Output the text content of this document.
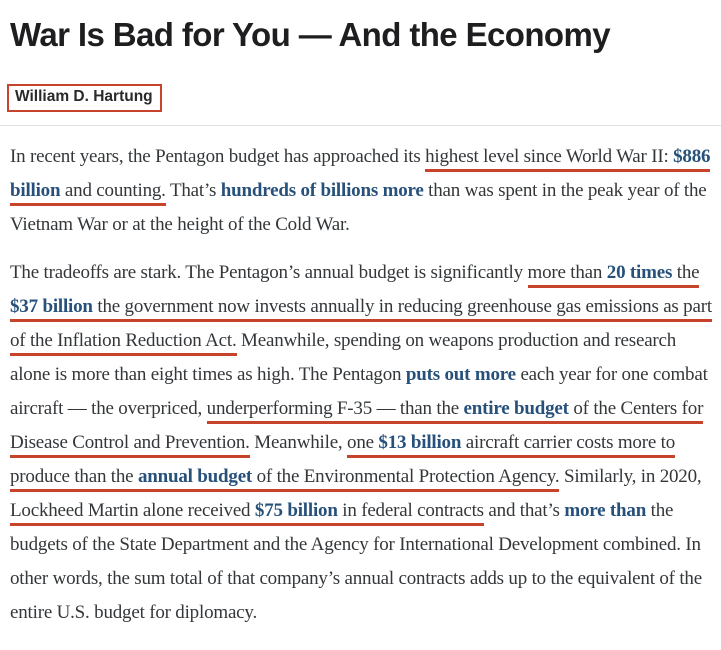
War Is Bad for You — And the Economy
William D. Hartung

In recent years, the Pentagon budget has approached its highest level since World War II: $886 billion and counting. That’s hundreds of billions more than was spent in the peak year of the Vietnam War or at the height of the Cold War.

The tradeoffs are stark. The Pentagon’s annual budget is significantly more than 20 times the $37 billion the government now invests annually in reducing greenhouse gas emissions as part of the Inflation Reduction Act. Meanwhile, spending on weapons production and research alone is more than eight times as high. The Pentagon puts out more each year for one combat aircraft — the overpriced, underperforming F-35 — than the entire budget of the Centers for Disease Control and Prevention. Meanwhile, one $13 billion aircraft carrier costs more to produce than the annual budget of the Environmental Protection Agency. Similarly, in 2020, Lockheed Martin alone received $75 billion in federal contracts and that’s more than the budgets of the State Department and the Agency for International Development combined. In other words, the sum total of that company’s annual contracts adds up to the equivalent of the entire U.S. budget for diplomacy.
